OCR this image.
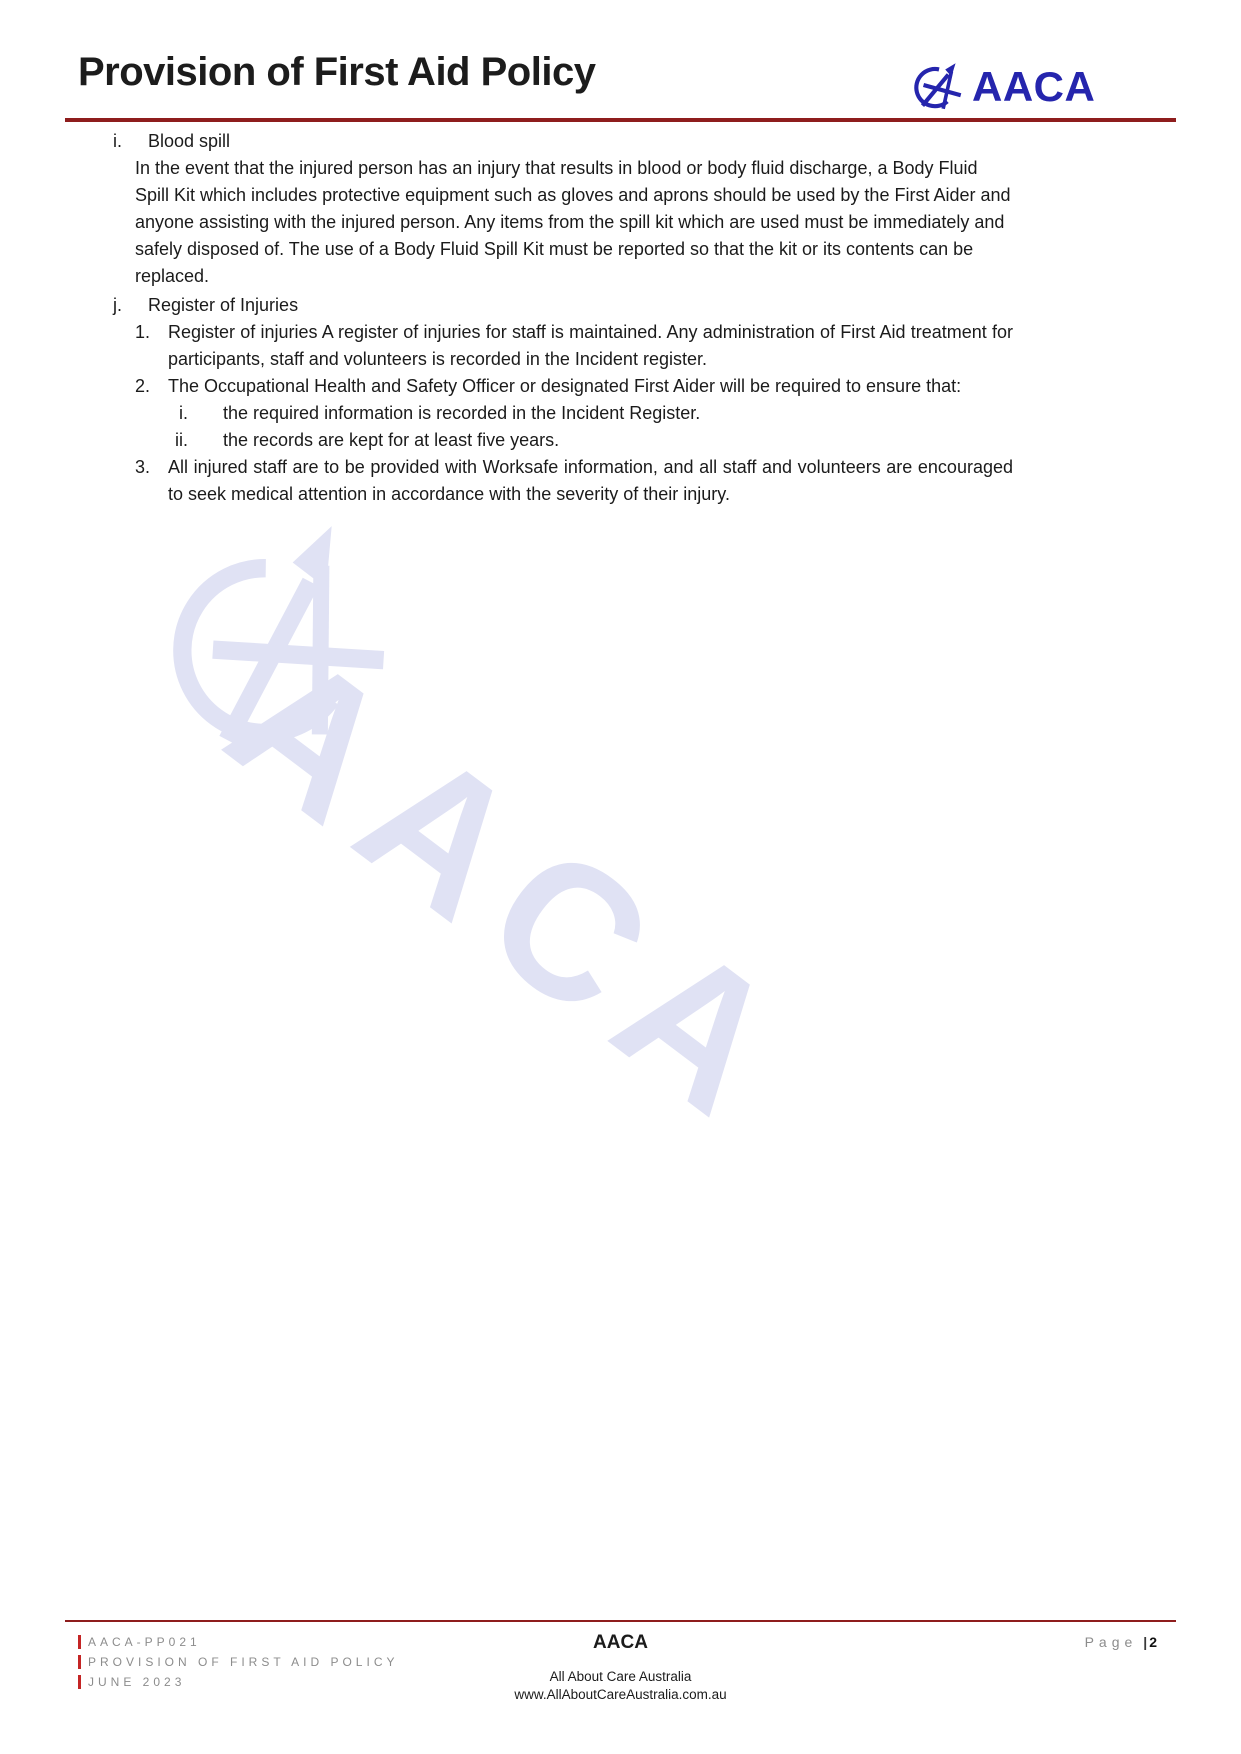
AACA
Provision of First Aid Policy	AACA
i.	Blood spill
In the event that the injured person has an injury that results in blood or body fluid discharge, a Body Fluid Spill Kit which includes protective equipment such as gloves and aprons should be used by the First Aider and anyone assisting with the injured person. Any items from the spill kit which are used must be immediately and safely disposed of. The use of a Body Fluid Spill Kit must be reported so that the kit or its contents can be replaced.
j.	Register of Injuries
1. Register of injuries A register of injuries for staff is maintained. Any administration of First Aid treatment for participants, staff and volunteers is recorded in the Incident register.
2. The Occupational Health and Safety Officer or designated First Aider will be required to ensure that:
i. the required information is recorded in the Incident Register.
ii. the records are kept for at least five years.
3. All injured staff are to be provided with Worksafe information, and all staff and volunteers are encouraged to seek medical attention in accordance with the severity of their injury.
AACA-PP021
PROVISION OF FIRST AID POLICY
JUNE 2023
AACA
All About Care Australia
www.AllAboutCareAustralia.com.au
Page | 2
